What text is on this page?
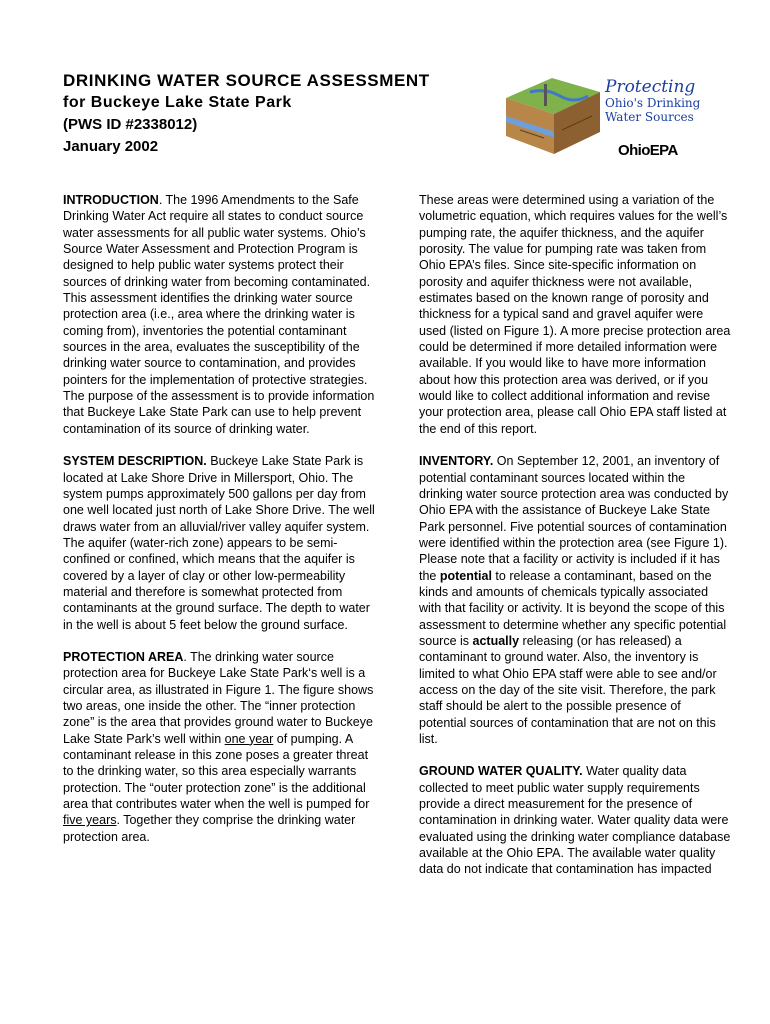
DRINKING WATER SOURCE ASSESSMENT
for Buckeye Lake State Park
(PWS ID #2338012)
January 2002
Protecting
Ohio's Drinking
Water Sources
OhioEPA

INTRODUCTION. The 1996 Amendments to the Safe Drinking Water Act require all states to conduct source water assessments for all public water systems. Ohio’s Source Water Assessment and Protection Program is designed to help public water systems protect their sources of drinking water from becoming contaminated. This assessment identifies the drinking water source protection area (i.e., area where the drinking water is coming from), inventories the potential contaminant sources in the area, evaluates the susceptibility of the drinking water source to contamination, and provides pointers for the implementation of protective strategies. The purpose of the assessment is to provide information that Buckeye Lake State Park can use to help prevent contamination of its source of drinking water.

SYSTEM DESCRIPTION. Buckeye Lake State Park is located at Lake Shore Drive in Millersport, Ohio. The system pumps approximately 500 gallons per day from one well located just north of Lake Shore Drive. The well draws water from an alluvial/river valley aquifer system. The aquifer (water-rich zone) appears to be semi-confined or confined, which means that the aquifer is covered by a layer of clay or other low-permeability material and therefore is somewhat protected from contaminants at the ground surface. The depth to water in the well is about 5 feet below the ground surface.

PROTECTION AREA. The drinking water source protection area for Buckeye Lake State Park‘s well is a circular area, as illustrated in Figure 1. The figure shows two areas, one inside the other. The “inner protection zone” is the area that provides ground water to Buckeye Lake State Park’s well within one year of pumping. A contaminant release in this zone poses a greater threat to the drinking water, so this area especially warrants protection. The “outer protection zone” is the additional area that contributes water when the well is pumped for five years. Together they comprise the drinking water protection area.

These areas were determined using a variation of the volumetric equation, which requires values for the well’s pumping rate, the aquifer thickness, and the aquifer porosity. The value for pumping rate was taken from Ohio EPA’s files. Since site-specific information on porosity and aquifer thickness were not available, estimates based on the known range of porosity and thickness for a typical sand and gravel aquifer were used (listed on Figure 1). A more precise protection area could be determined if more detailed information were available. If you would like to have more information about how this protection area was derived, or if you would like to collect additional information and revise your protection area, please call Ohio EPA staff listed at the end of this report.

INVENTORY. On September 12, 2001, an inventory of potential contaminant sources located within the drinking water source protection area was conducted by Ohio EPA with the assistance of Buckeye Lake State Park personnel. Five potential sources of contamination were identified within the protection area (see Figure 1). Please note that a facility or activity is included if it has the potential to release a contaminant, based on the kinds and amounts of chemicals typically associated with that facility or activity. It is beyond the scope of this assessment to determine whether any specific potential source is actually releasing (or has released) a contaminant to ground water. Also, the inventory is limited to what Ohio EPA staff were able to see and/or access on the day of the site visit. Therefore, the park staff should be alert to the possible presence of potential sources of contamination that are not on this list.

GROUND WATER QUALITY. Water quality data collected to meet public water supply requirements provide a direct measurement for the presence of contamination in drinking water. Water quality data were evaluated using the drinking water compliance database available at the Ohio EPA. The available water quality data do not indicate that contamination has impacted
